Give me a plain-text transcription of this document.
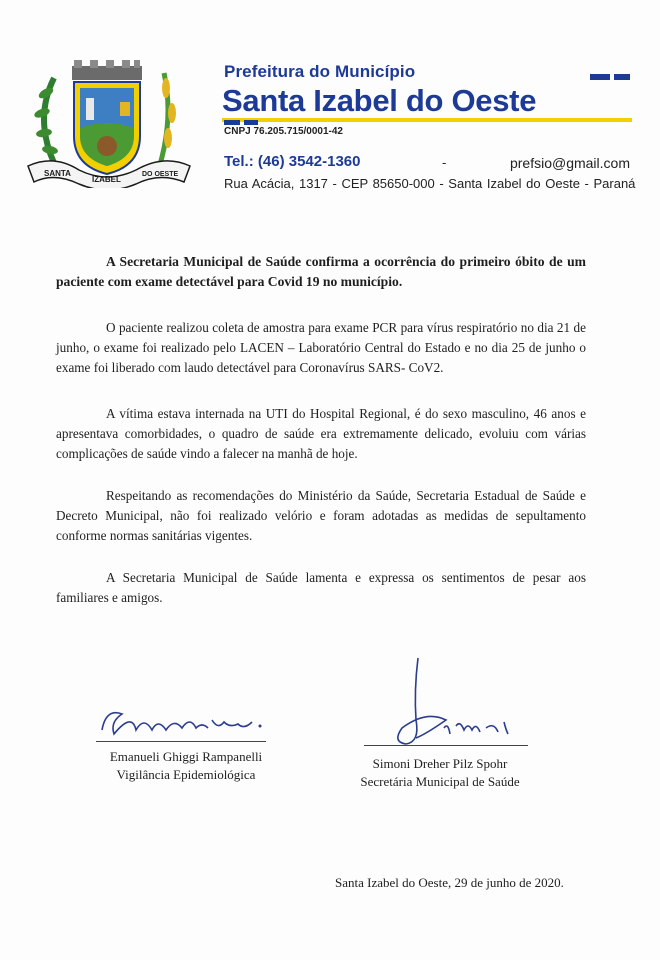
SANTA
IZABEL
DO OESTE
Prefeitura do Município
Santa Izabel do Oeste
CNPJ 76.205.715/0001-42
Tel.: (46) 3542-1360	-	prefsio@gmail.com
Rua Acácia, 1317 - CEP 85650-000 - Santa Izabel do Oeste - Paraná
A Secretaria Municipal de Saúde confirma a ocorrência do primeiro óbito de um paciente com exame detectável para Covid 19 no município.
O paciente realizou coleta de amostra para exame PCR para vírus respiratório no dia 21 de junho, o exame foi realizado pelo LACEN – Laboratório Central do Estado e no dia 25 de junho o exame foi liberado com laudo detectável para Coronavírus SARS- CoV2.
A vítima estava internada na UTI do Hospital Regional, é do sexo masculino, 46 anos e apresentava comorbidades, o quadro de saúde era extremamente delicado, evoluiu com várias complicações de saúde vindo a falecer na manhã de hoje.
Respeitando as recomendações do Ministério da Saúde, Secretaria Estadual de Saúde e Decreto Municipal, não foi realizado velório e foram adotadas as medidas de sepultamento conforme normas sanitárias vigentes.
A Secretaria Municipal de Saúde lamenta e expressa os sentimentos de pesar aos familiares e amigos.
Emanueli Ghiggi Rampanelli
Vigilância Epidemiológica
Simoni Dreher Pilz Spohr
Secretária Municipal de Saúde
Santa Izabel do Oeste, 29 de junho de 2020.
